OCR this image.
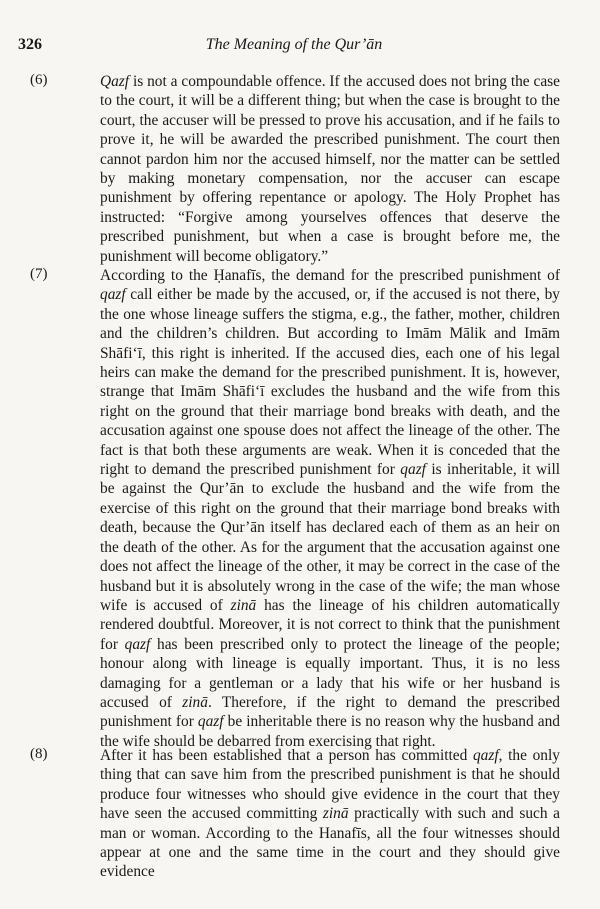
326	The Meaning of the Qur’ān
(6)	Qazf is not a compoundable offence. If the accused does not bring the case to the court, it will be a different thing; but when the case is brought to the court, the accuser will be pressed to prove his accusation, and if he fails to prove it, he will be awarded the prescribed punishment. The court then cannot pardon him nor the accused himself, nor the matter can be settled by making monetary compensation, nor the accuser can escape punishment by offering repentance or apology. The Holy Prophet has instructed: “Forgive among yourselves offences that deserve the prescribed punishment, but when a case is brought before me, the punishment will become obligatory.”
(7)	According to the Ḥanafīs, the demand for the prescribed punishment of qazf call either be made by the accused, or, if the accused is not there, by the one whose lineage suffers the stigma, e.g., the father, mother, children and the children’s children. But according to Imām Mālik and Imām Shāfi‘ī, this right is inherited. If the accused dies, each one of his legal heirs can make the demand for the prescribed punishment. It is, however, strange that Imām Shāfi‘ī excludes the husband and the wife from this right on the ground that their marriage bond breaks with death, and the accusation against one spouse does not affect the lineage of the other. The fact is that both these arguments are weak. When it is conceded that the right to demand the prescribed punishment for qazf is inheritable, it will be against the Qur’ān to exclude the husband and the wife from the exercise of this right on the ground that their marriage bond breaks with death, because the Qur’ān itself has declared each of them as an heir on the death of the other. As for the argument that the accusation against one does not affect the lineage of the other, it may be correct in the case of the husband but it is absolutely wrong in the case of the wife; the man whose wife is accused of zinā has the lineage of his children automatically rendered doubtful. Moreover, it is not correct to think that the punishment for qazf has been prescribed only to protect the lineage of the people; honour along with lineage is equally important. Thus, it is no less damaging for a gentleman or a lady that his wife or her husband is accused of zinā. Therefore, if the right to demand the prescribed punishment for qazf be inheritable there is no reason why the husband and the wife should be debarred from exercising that right.
(8)	After it has been established that a person has committed qazf, the only thing that can save him from the prescribed punishment is that he should produce four witnesses who should give evidence in the court that they have seen the accused committing zinā practically with such and such a man or woman. According to the Hanafīs, all the four witnesses should appear at one and the same time in the court and they should give evidence
